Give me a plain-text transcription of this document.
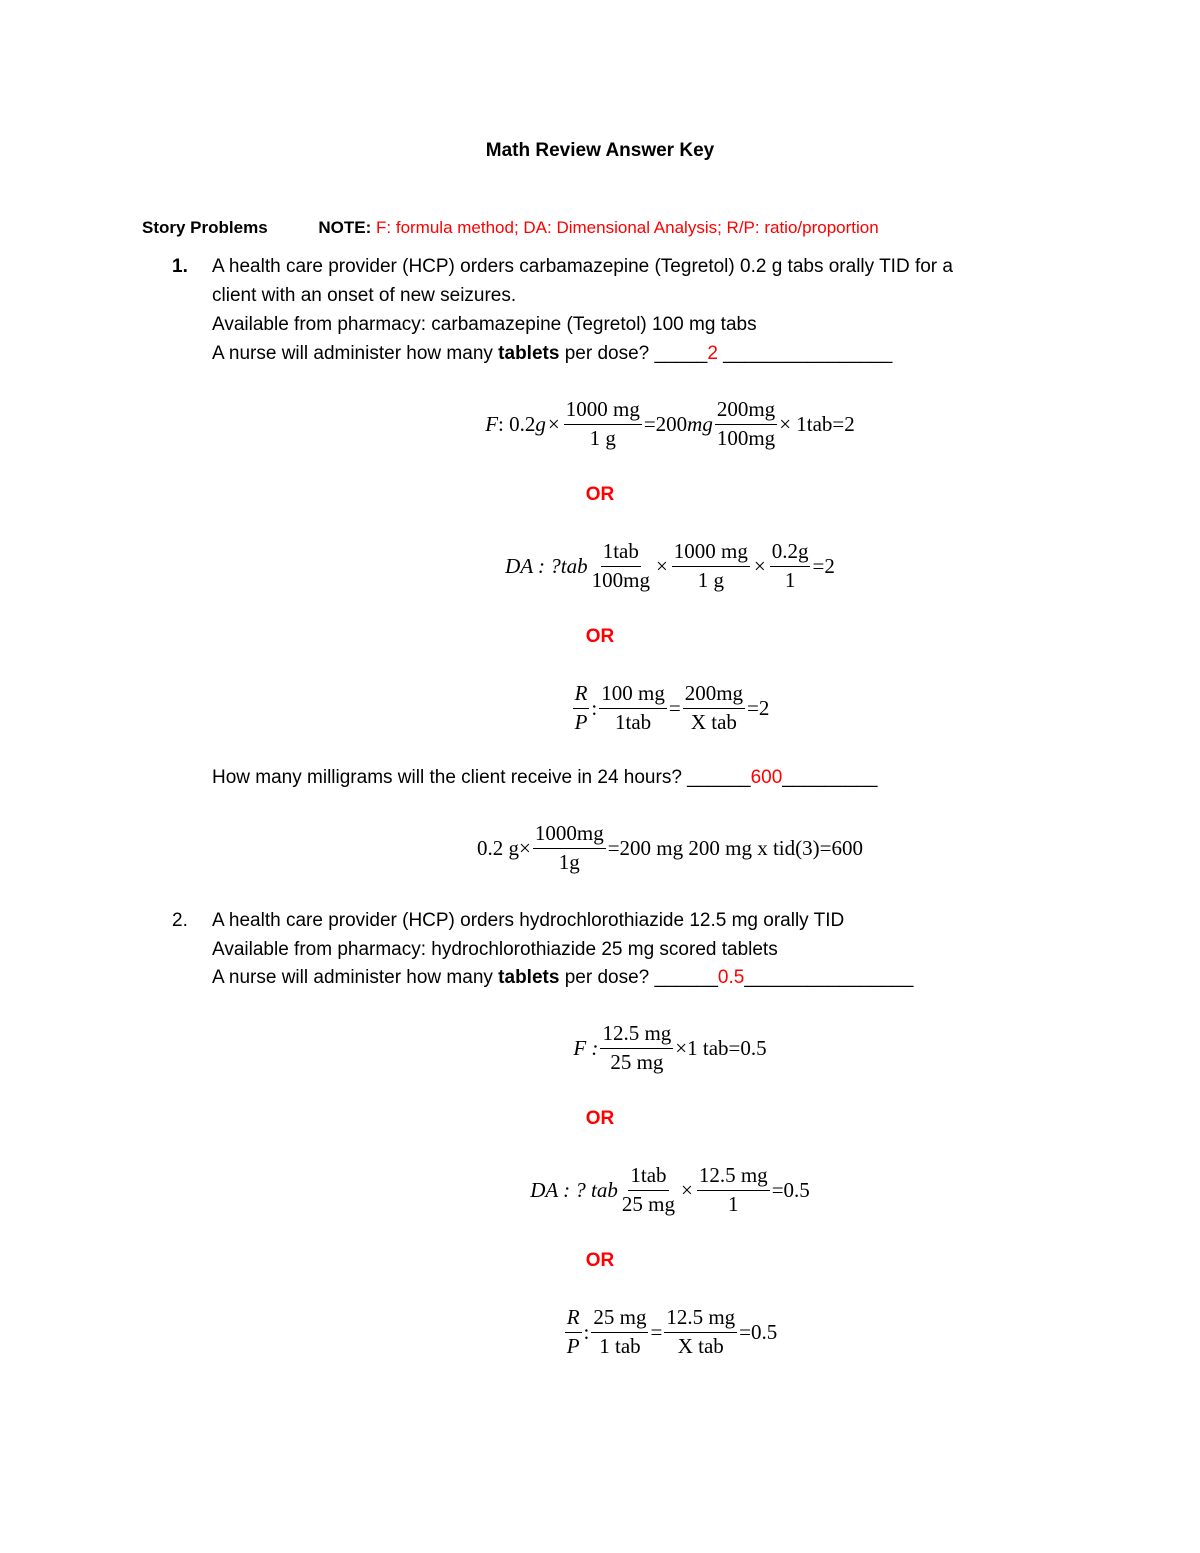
Math Review Answer Key
Story Problems	NOTE: F: formula method; DA: Dimensional Analysis; R/P: ratio/proportion
1. A health care provider (HCP) orders carbamazepine (Tegretol) 0.2 g tabs orally TID for a
client with an onset of new seizures.
Available from pharmacy: carbamazepine (Tegretol) 100 mg tabs
A nurse will administer how many tablets per dose? _____2 ________________
F : 0.2 $g \times \frac{1000 mg}{1 g} =200$ mg $\frac{200mg}{100mg} \times 1tab=2$
OR
DA : ?tab $\frac{\text{1tab}}{100mg} \times \frac{1000 mg}{1 g} \times \frac{0.2g}{1} =2$
OR
$\frac{R}{P}$ : $\frac{100 mg}{\text{1tab}} = \frac{200mg}{\text{X tab}} =2$
How many milligrams will the client receive in 24 hours? ______600_________
0.2 $g\times \frac{1000mg}{1g} =200$ mg 200 mg x tid(3)=600
2. A health care provider (HCP) orders hydrochlorothiazide 12.5 mg orally TID
Available from pharmacy: hydrochlorothiazide 25 mg scored tablets
A nurse will administer how many tablets per dose? ______0.5________________
F : $\frac{12.5 mg}{25 mg} \times 1$ tab=0.5
OR
DA : ? tab $\frac{\text{1tab}}{25 mg} \times \frac{12.5 mg}{1} =0.5$
OR
$\frac{R}{P}$ : $\frac{25 mg}{\text{1 tab}} = \frac{12.5 mg}{\text{X tab}} =0.5$
